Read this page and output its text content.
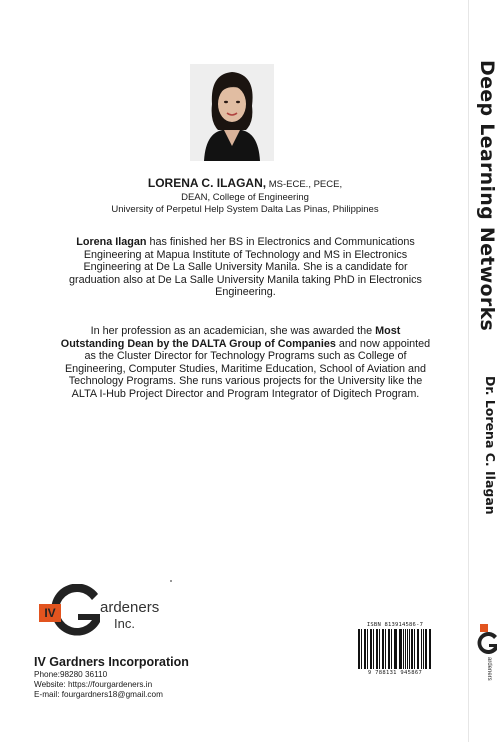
LORENA C. ILAGAN, MS-ECE., PECE,
DEAN, College of Engineering
University of Perpetul Help System Dalta Las Pinas, Philippines
Lorena Ilagan has finished her BS in Electronics and Communications Engineering at Mapua Institute of Technology and MS in Electronics Engineering at De La Salle University Manila. She is a candidate for graduation also at De La Salle University Manila taking PhD in Electronics Engineering.
In her profession as an academician, she was awarded the Most Outstanding Dean by the DALTA Group of Companies and now appointed as the Cluster Director for Technology Programs such as College of Engineering, Computer Studies, Maritime Education, School of Aviation and Technology Programs. She runs various projects for the University like the ALTA I-Hub Project Director and Program Integrator of Digitech Program.
IV	ardeners
Inc.
IV Gardners Incorporation
Phone:98280 36110
Website: https://fourgardeners.in
E-mail: fourgardners18@gmail.com
ISBN 813914586-7
9 788131 945867
Deep Learning Networks
Dr. Lorena C. Ilagan
ardeners Inc.
